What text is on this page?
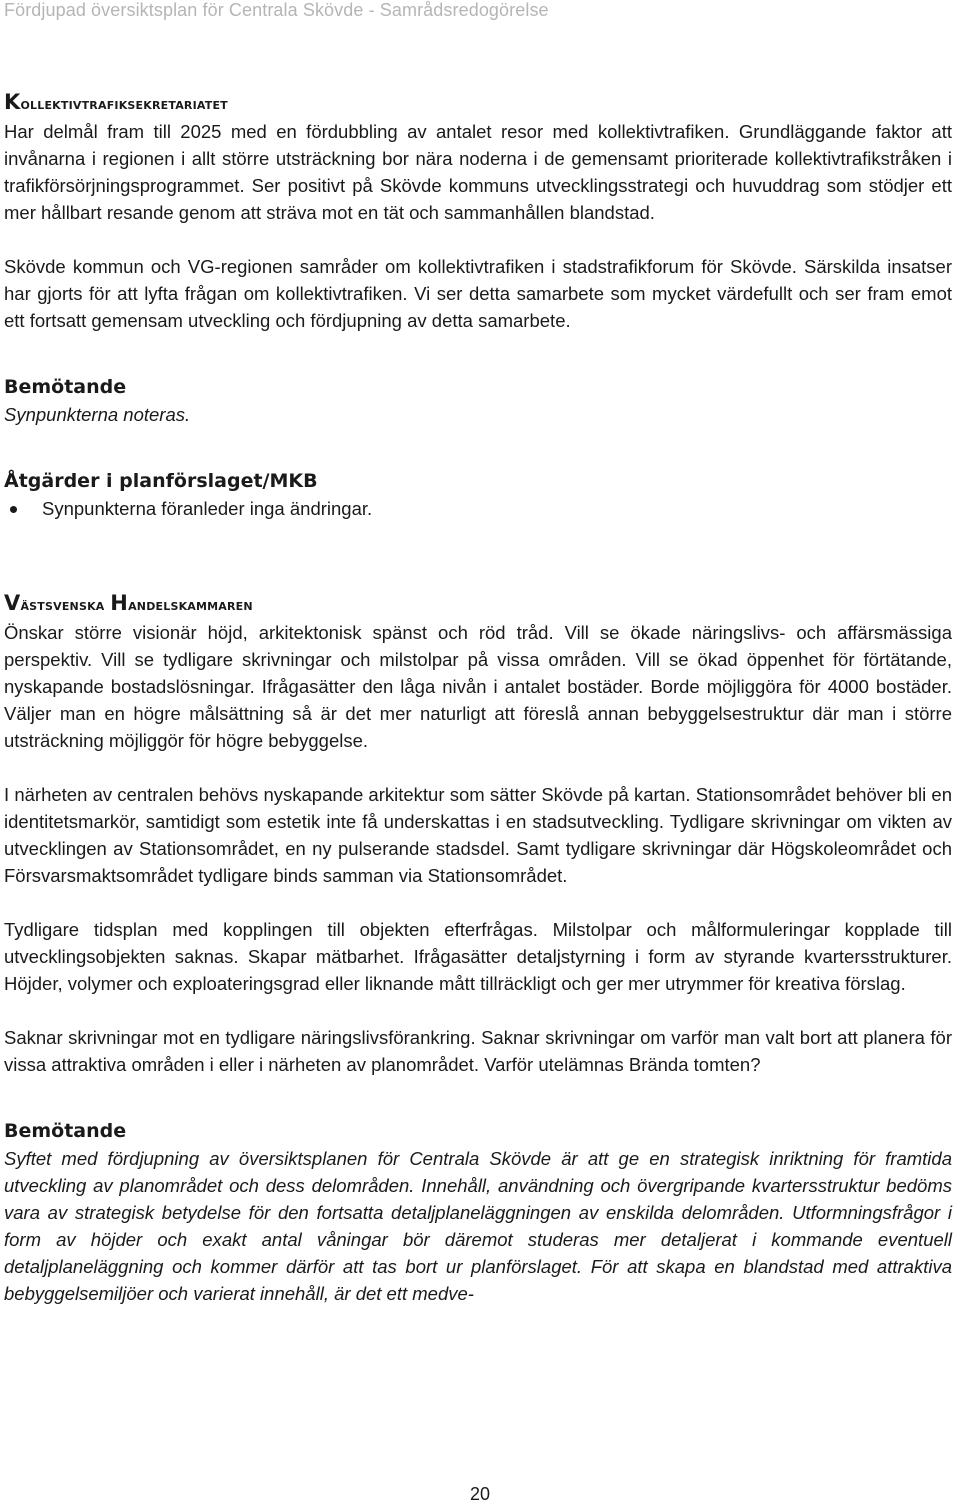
Fördjupad översiktsplan för Centrala Skövde - Samrådsredogörelse
Kollektivtrafiksekretariatet

Har delmål fram till 2025 med en fördubbling av antalet resor med kollektivtrafiken. Grundläggande faktor att invånarna i regionen i allt större utsträckning bor nära noderna i de gemensamt prioriterade kollektivtrafikstråken i trafikförsörjningsprogrammet. Ser positivt på Skövde kommuns utvecklingsstrategi och huvuddrag som stödjer ett mer hållbart resande genom att sträva mot en tät och sammanhållen blandstad.

Skövde kommun och VG-regionen samråder om kollektivtrafiken i stadstrafikforum för Skövde. Särskilda insatser har gjorts för att lyfta frågan om kollektivtrafiken. Vi ser detta samarbete som mycket värdefullt och ser fram emot ett fortsatt gemensam utveckling och fördjupning av detta samarbete.

Bemötande

Synpunkterna noteras.

Åtgärder i planförslaget/MKB
Synpunkterna föranleder inga ändringar.
Västsvenska Handelskammaren

Önskar större visionär höjd, arkitektonisk spänst och röd tråd. Vill se ökade näringslivs- och affärsmässiga perspektiv. Vill se tydligare skrivningar och milstolpar på vissa områden. Vill se ökad öppenhet för förtätande, nyskapande bostadslösningar. Ifrågasätter den låga nivån i antalet bostäder. Borde möjliggöra för 4000 bostäder. Väljer man en högre målsättning så är det mer naturligt att föreslå annan bebyggelsestruktur där man i större utsträckning möjliggör för högre bebyggelse.

I närheten av centralen behövs nyskapande arkitektur som sätter Skövde på kartan. Stationsområdet behöver bli en identitetsmarkör, samtidigt som estetik inte få underskattas i en stadsutveckling. Tydligare skrivningar om vikten av utvecklingen av Stationsområdet, en ny pulserande stadsdel. Samt tydligare skrivningar där Högskoleområdet och Försvarsmaktsområdet tydligare binds samman via Stationsområdet.

Tydligare tidsplan med kopplingen till objekten efterfrågas. Milstolpar och målformuleringar kopplade till utvecklingsobjekten saknas. Skapar mätbarhet. Ifrågasätter detaljstyrning i form av styrande kvartersstrukturer. Höjder, volymer och exploateringsgrad eller liknande mått tillräckligt och ger mer utrymmer för kreativa förslag.

Saknar skrivningar mot en tydligare näringslivsförankring. Saknar skrivningar om varför man valt bort att planera för vissa attraktiva områden i eller i närheten av planområdet. Varför utelämnas Brända tomten?

Bemötande

Syftet med fördjupning av översiktsplanen för Centrala Skövde är att ge en strategisk inriktning för framtida utveckling av planområdet och dess delområden. Innehåll, användning och övergripande kvartersstruktur bedöms vara av strategisk betydelse för den fortsatta detaljplaneläggningen av enskilda delområden. Utformningsfrågor i form av höjder och exakt antal våningar bör däremot studeras mer detaljerat i kommande eventuell detaljplaneläggning och kommer därför att tas bort ur planförslaget. För att skapa en blandstad med attraktiva bebyggelsemiljöer och varierat innehåll, är det ett medve-

20
